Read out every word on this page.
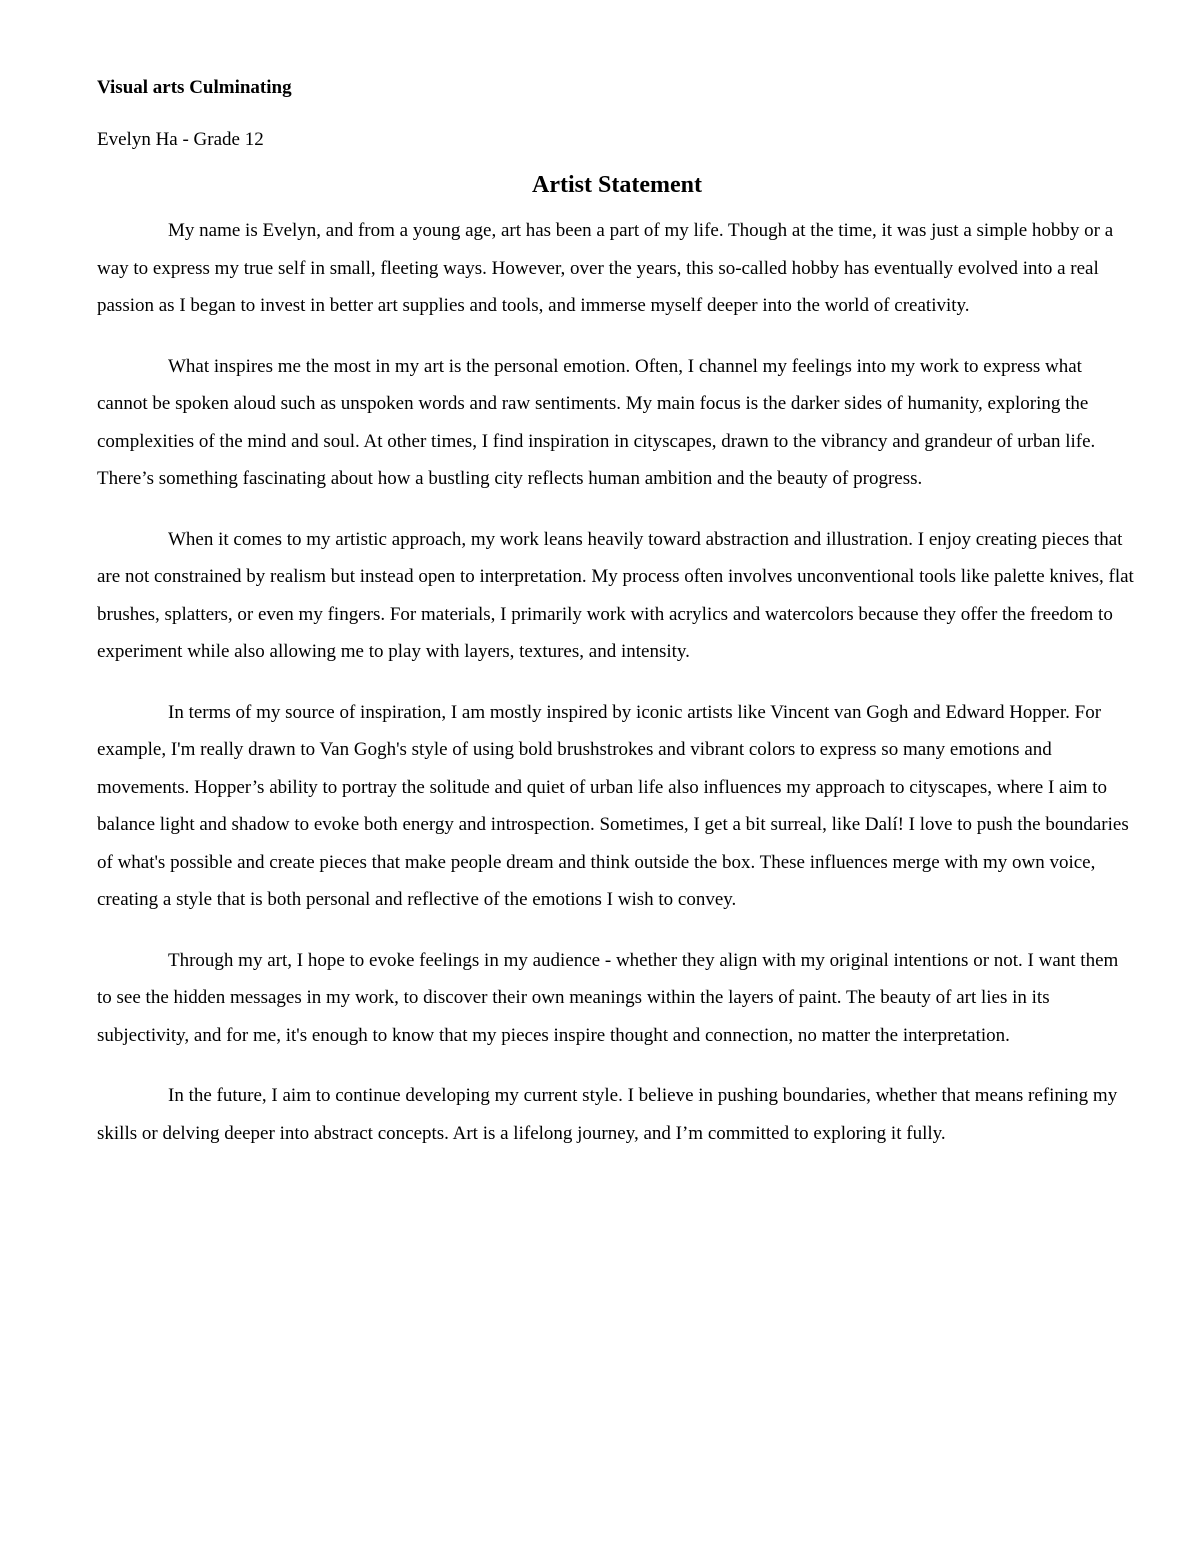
Visual arts Culminating

Evelyn Ha - Grade 12

Artist Statement

My name is Evelyn, and from a young age, art has been a part of my life. Though at the time, it was just a simple hobby or a way to express my true self in small, fleeting ways. However, over the years, this so-called hobby has eventually evolved into a real passion as I began to invest in better art supplies and tools, and immerse myself deeper into the world of creativity.

What inspires me the most in my art is the personal emotion. Often, I channel my feelings into my work to express what cannot be spoken aloud such as unspoken words and raw sentiments. My main focus is the darker sides of humanity, exploring the complexities of the mind and soul. At other times, I find inspiration in cityscapes, drawn to the vibrancy and grandeur of urban life. There’s something fascinating about how a bustling city reflects human ambition and the beauty of progress.

When it comes to my artistic approach, my work leans heavily toward abstraction and illustration. I enjoy creating pieces that are not constrained by realism but instead open to interpretation. My process often involves unconventional tools like palette knives, flat brushes, splatters, or even my fingers. For materials, I primarily work with acrylics and watercolors because they offer the freedom to experiment while also allowing me to play with layers, textures, and intensity.

In terms of my source of inspiration, I am mostly inspired by iconic artists like Vincent van Gogh and Edward Hopper. For example, I'm really drawn to Van Gogh's style of using bold brushstrokes and vibrant colors to express so many emotions and movements. Hopper’s ability to portray the solitude and quiet of urban life also influences my approach to cityscapes, where I aim to balance light and shadow to evoke both energy and introspection. Sometimes, I get a bit surreal, like Dalí! I love to push the boundaries of what's possible and create pieces that make people dream and think outside the box. These influences merge with my own voice, creating a style that is both personal and reflective of the emotions I wish to convey.

Through my art, I hope to evoke feelings in my audience - whether they align with my original intentions or not. I want them to see the hidden messages in my work, to discover their own meanings within the layers of paint. The beauty of art lies in its subjectivity, and for me, it's enough to know that my pieces inspire thought and connection, no matter the interpretation.

In the future, I aim to continue developing my current style. I believe in pushing boundaries, whether that means refining my skills or delving deeper into abstract concepts. Art is a lifelong journey, and I’m committed to exploring it fully.
